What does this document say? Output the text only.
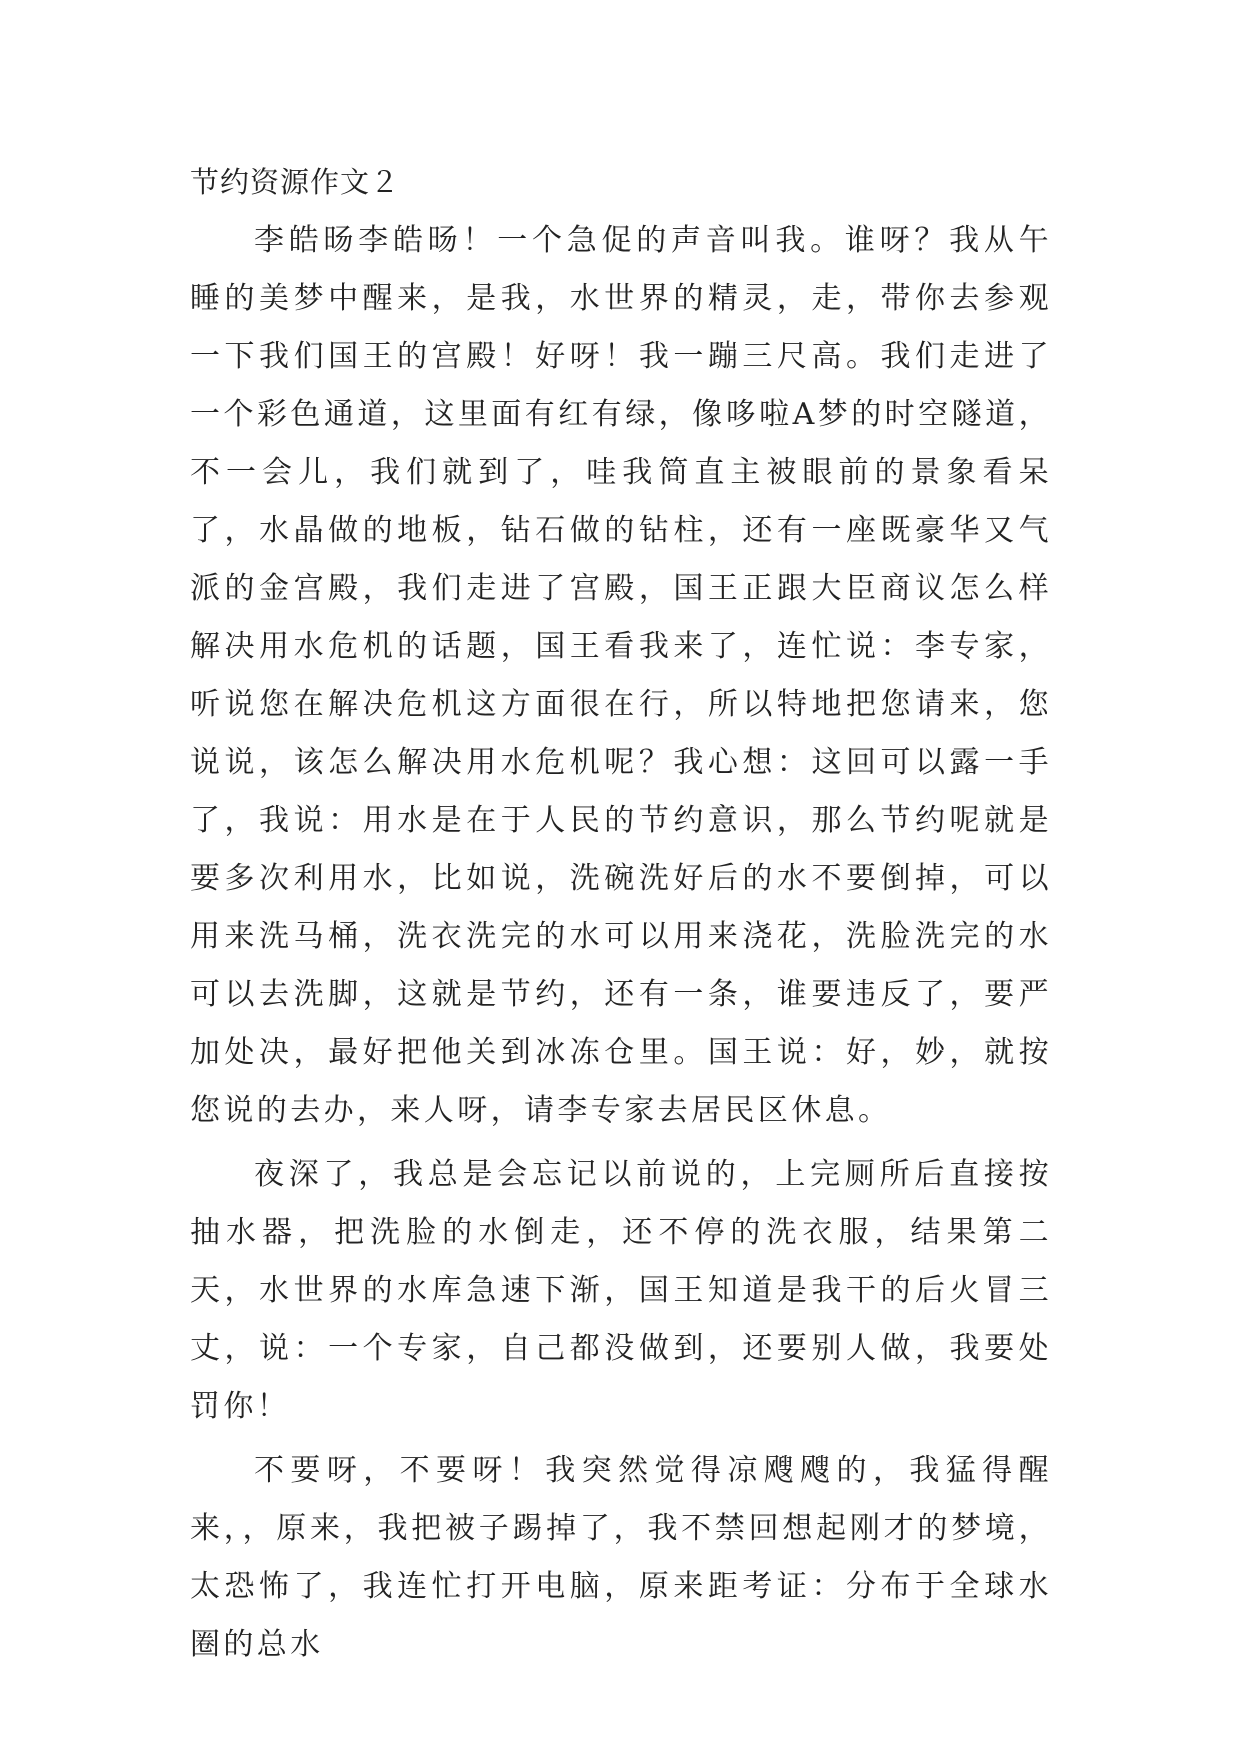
节约资源作文２

李皓旸李皓旸！一个急促的声音叫我。谁呀？我从午睡的美梦中醒来，是我，水世界的精灵，走，带你去参观一下我们国王的宫殿！好呀！我一蹦三尺高。我们走进了一个彩色通道，这里面有红有绿，像哆啦A梦的时空隧道，不一会儿，我们就到了，哇我简直主被眼前的景象看呆了，水晶做的地板，钻石做的钻柱，还有一座既豪华又气派的金宫殿，我们走进了宫殿，国王正跟大臣商议怎么样解决用水危机的话题，国王看我来了，连忙说：李专家，听说您在解决危机这方面很在行，所以特地把您请来，您说说，该怎么解决用水危机呢？我心想：这回可以露一手了，我说：用水是在于人民的节约意识，那么节约呢就是要多次利用水，比如说，洗碗洗好后的水不要倒掉，可以用来洗马桶，洗衣洗完的水可以用来浇花，洗脸洗完的水可以去洗脚，这就是节约，还有一条，谁要违反了，要严加处决，最好把他关到冰冻仓里。国王说：好，妙，就按您说的去办，来人呀，请李专家去居民区休息。

夜深了，我总是会忘记以前说的，上完厕所后直接按抽水器，把洗脸的水倒走，还不停的洗衣服，结果第二天，水世界的水库急速下渐，国王知道是我干的后火冒三丈，说：一个专家，自己都没做到，还要别人做，我要处罚你！

不要呀，不要呀！我突然觉得凉飕飕的，我猛得醒来，，原来，我把被子踢掉了，我不禁回想起刚才的梦境，太恐怖了，我连忙打开电脑，原来距考证：分布于全球水圈的总水
